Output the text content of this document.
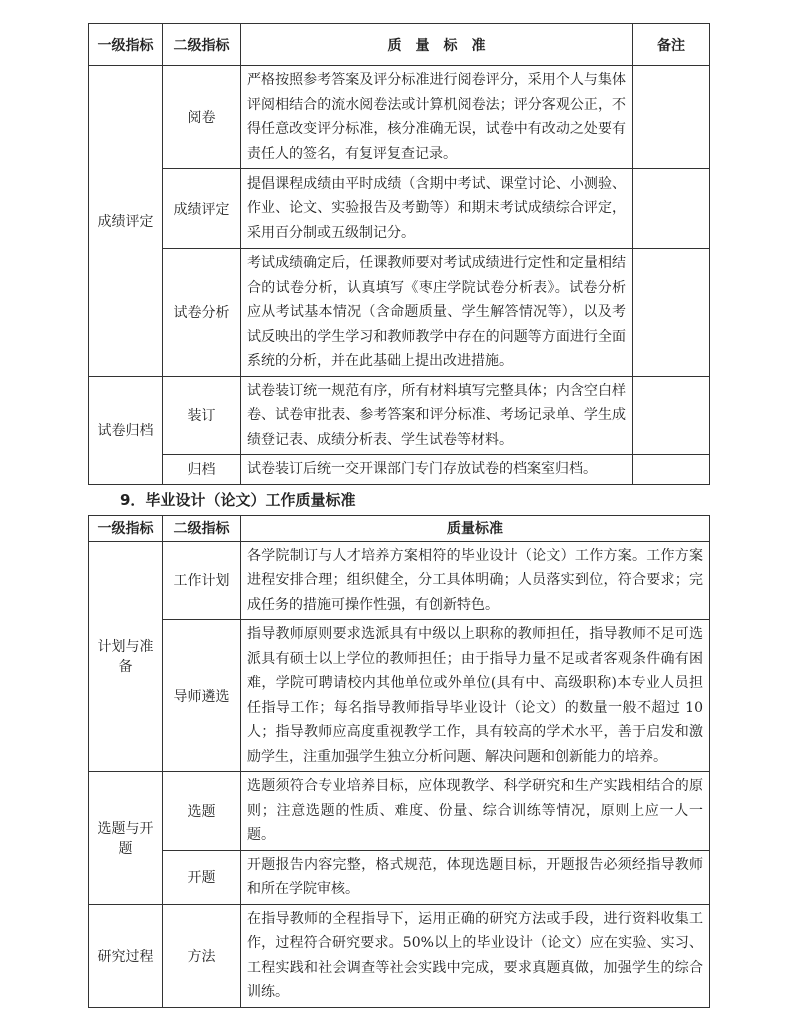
一级指标	二级指标	质　量　标　准	备注
成绩评定	阅卷	严格按照参考答案及评分标准进行阅卷评分，采用个人与集体评阅相结合的流水阅卷法或计算机阅卷法；评分客观公正，不得任意改变评分标准，核分准确无误，试卷中有改动之处要有责任人的签名，有复评复查记录。	
	成绩评定	提倡课程成绩由平时成绩（含期中考试、课堂讨论、小测验、作业、论文、实验报告及考勤等）和期末考试成绩综合评定，采用百分制或五级制记分。	
	试卷分析	考试成绩确定后，任课教师要对考试成绩进行定性和定量相结合的试卷分析，认真填写《枣庄学院试卷分析表》。试卷分析应从考试基本情况（含命题质量、学生解答情况等），以及考试反映出的学生学习和教师教学中存在的问题等方面进行全面系统的分析，并在此基础上提出改进措施。	
试卷归档	装订	试卷装订统一规范有序，所有材料填写完整具体；内含空白样卷、试卷审批表、参考答案和评分标准、考场记录单、学生成绩登记表、成绩分析表、学生试卷等材料。	
	归档	试卷装订后统一交开课部门专门存放试卷的档案室归档。	
9．毕业设计（论文）工作质量标准
一级指标	二级指标	质量标准
计划与准备	工作计划	各学院制订与人才培养方案相符的毕业设计（论文）工作方案。工作方案进程安排合理；组织健全，分工具体明确；人员落实到位，符合要求；完成任务的措施可操作性强，有创新特色。
	导师遴选	指导教师原则要求选派具有中级以上职称的教师担任，指导教师不足可选派具有硕士以上学位的教师担任；由于指导力量不足或者客观条件确有困难，学院可聘请校内其他单位或外单位(具有中、高级职称)本专业人员担任指导工作；每名指导教师指导毕业设计（论文）的数量一般不超过 10人；指导教师应高度重视教学工作，具有较高的学术水平，善于启发和激励学生，注重加强学生独立分析问题、解决问题和创新能力的培养。
选题与开题	选题	选题须符合专业培养目标，应体现教学、科学研究和生产实践相结合的原则；注意选题的性质、难度、份量、综合训练等情况，原则上应一人一题。
	开题	开题报告内容完整，格式规范，体现选题目标，开题报告必须经指导教师和所在学院审核。
研究过程	方法	在指导教师的全程指导下，运用正确的研究方法或手段，进行资料收集工作，过程符合研究要求。50%以上的毕业设计（论文）应在实验、实习、工程实践和社会调查等社会实践中完成，要求真题真做，加强学生的综合训练。
